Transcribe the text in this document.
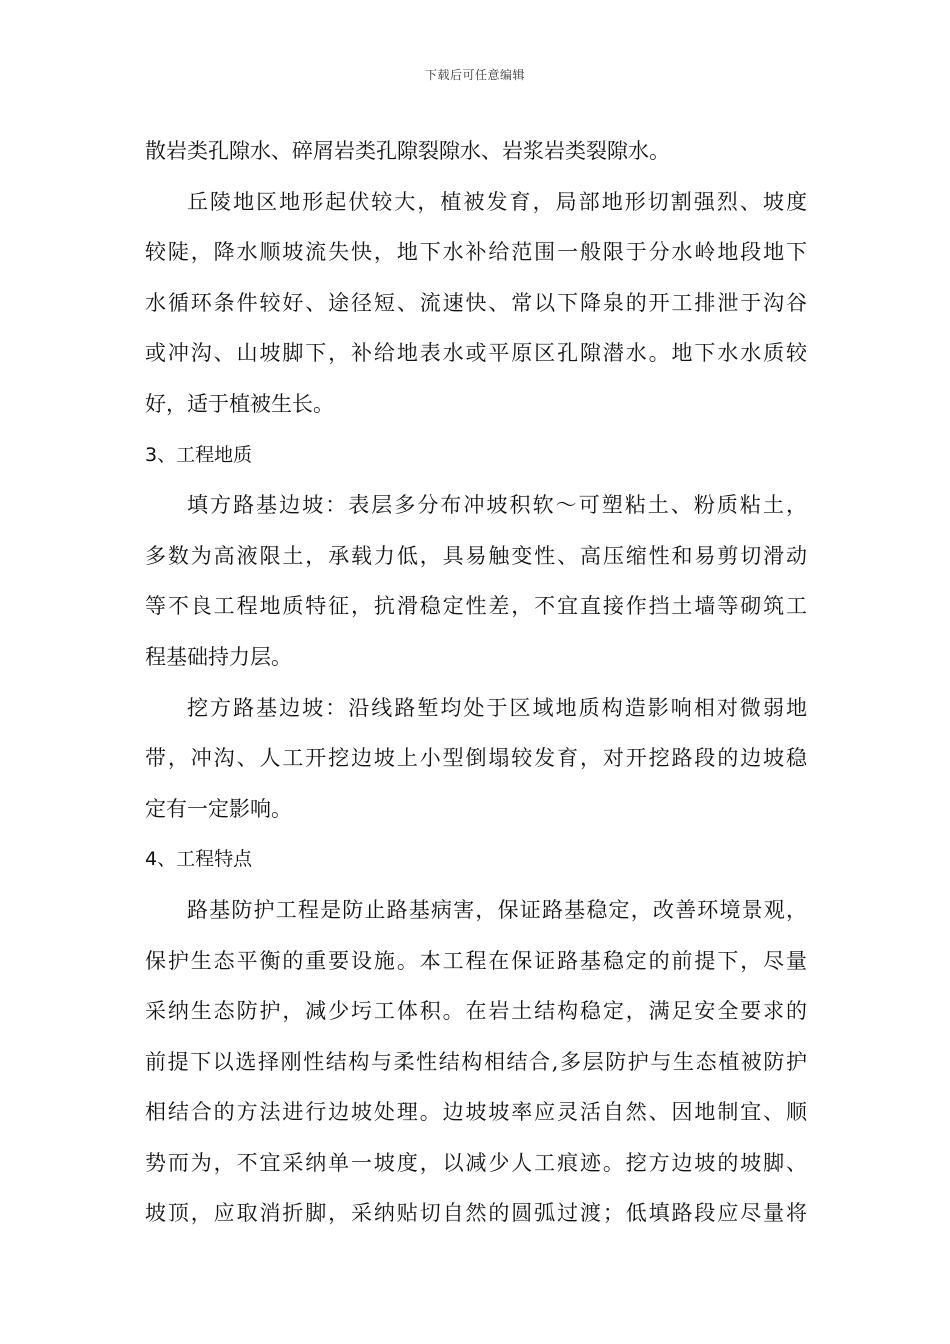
下载后可任意编辑
散岩类孔隙水、碎屑岩类孔隙裂隙水、岩浆岩类裂隙水。
丘陵地区地形起伏较大，植被发育，局部地形切割强烈、坡度
较陡，降水顺坡流失快，地下水补给范围一般限于分水岭地段地下
水循环条件较好、途径短、流速快、常以下降泉的开工排泄于沟谷
或冲沟、山坡脚下，补给地表水或平原区孔隙潜水。地下水水质较
好，适于植被生长。
3、工程地质
填方路基边坡：表层多分布冲坡积软～可塑粘土、粉质粘土，
多数为高液限土，承载力低，具易触变性、高压缩性和易剪切滑动
等不良工程地质特征，抗滑稳定性差，不宜直接作挡土墙等砌筑工
程基础持力层。
挖方路基边坡：沿线路堑均处于区域地质构造影响相对微弱地
带，冲沟、人工开挖边坡上小型倒塌较发育，对开挖路段的边坡稳
定有一定影响。
4、工程特点
路基防护工程是防止路基病害，保证路基稳定，改善环境景观，
保护生态平衡的重要设施。本工程在保证路基稳定的前提下，尽量
采纳生态防护，减少圬工体积。在岩土结构稳定，满足安全要求的
前提下以选择刚性结构与柔性结构相结合,多层防护与生态植被防护
相结合的方法进行边坡处理。边坡坡率应灵活自然、因地制宜、顺
势而为，不宜采纳单一坡度，以减少人工痕迹。挖方边坡的坡脚、
坡顶，应取消折脚，采纳贴切自然的圆弧过渡；低填路段应尽量将
